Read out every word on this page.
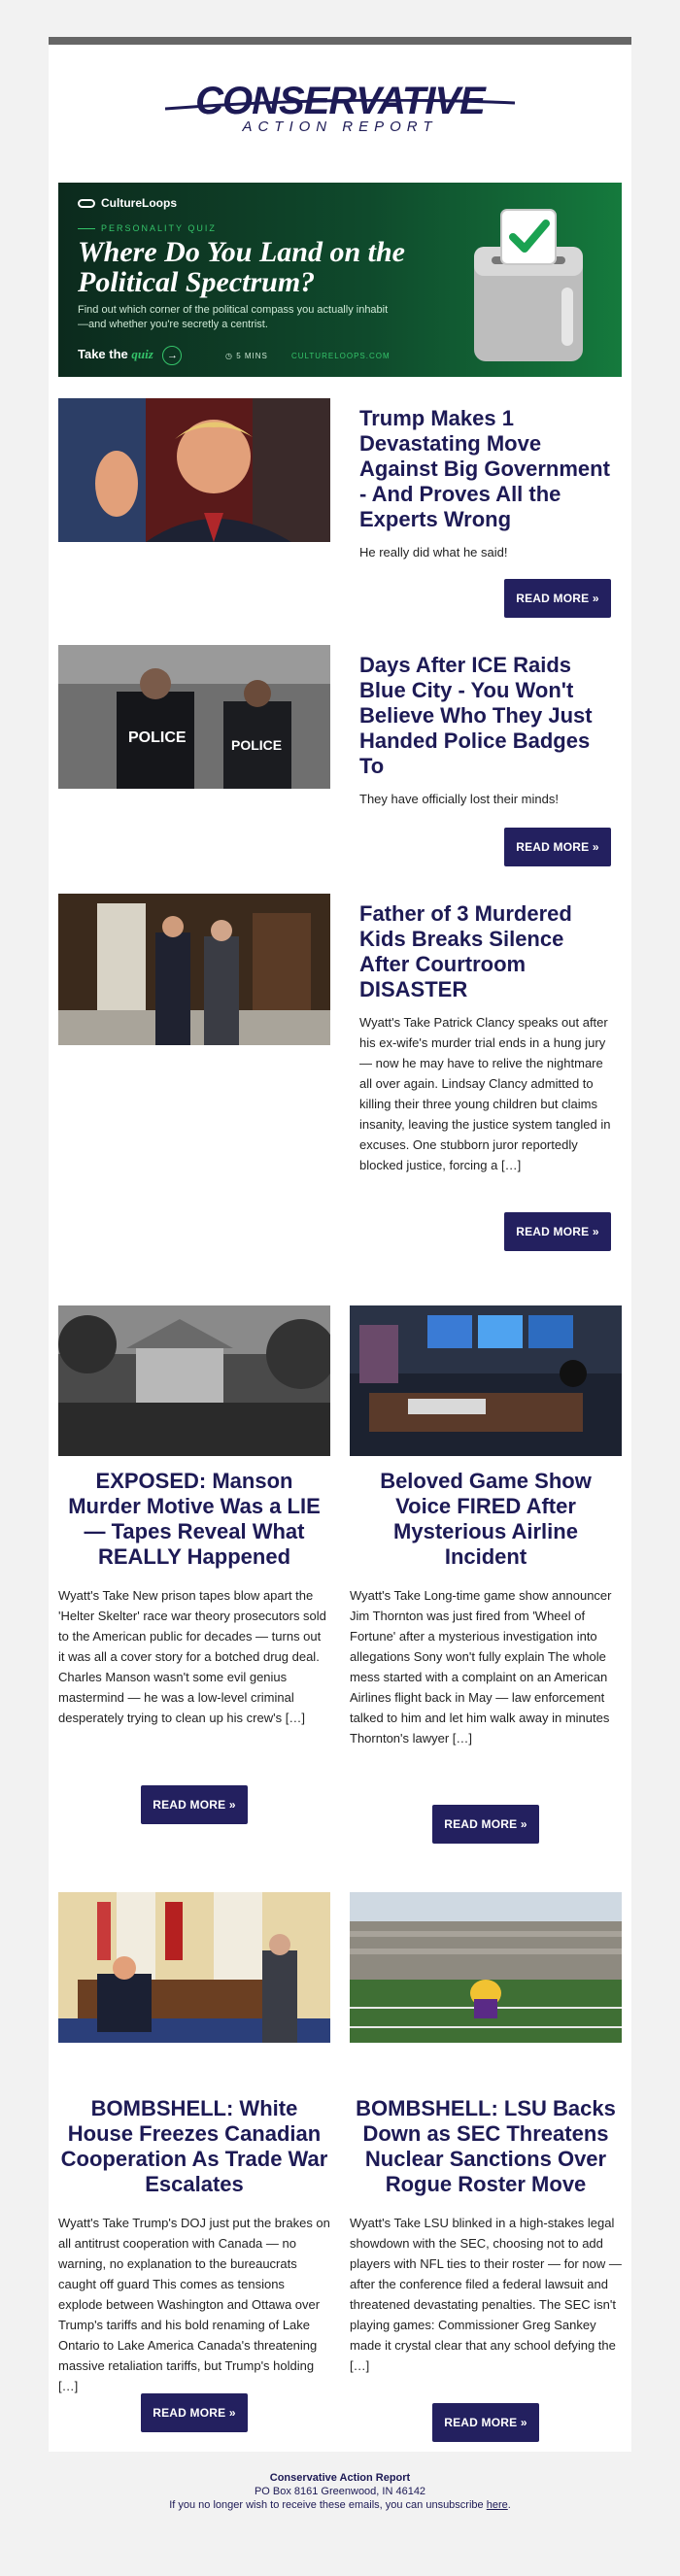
CONSERVATIVE
ACTION REPORT
CultureLoops
PERSONALITY QUIZ
Where Do You Land on the Political Spectrum?
Find out which corner of the political compass you actually inhabit—and whether you're secretly a centrist.
Take the quiz →	◷ 5 MINS	CULTURELOOPS.COM
Trump Makes 1 Devastating Move Against Big Government - And Proves All the Experts Wrong
He really did what he said!
READ MORE »
POLICE	POLICE
Days After ICE Raids Blue City - You Won't Believe Who They Just Handed Police Badges To
They have officially lost their minds!
READ MORE »
Father of 3 Murdered Kids Breaks Silence After Courtroom DISASTER
Wyatt's Take Patrick Clancy speaks out after his ex-wife's murder trial ends in a hung jury — now he may have to relive the nightmare all over again. Lindsay Clancy admitted to killing their three young children but claims insanity, leaving the justice system tangled in excuses. One stubborn juror reportedly blocked justice, forcing a […]
READ MORE »
EXPOSED: Manson Murder Motive Was a LIE — Tapes Reveal What REALLY Happened
Wyatt's Take New prison tapes blow apart the 'Helter Skelter' race war theory prosecutors sold to the American public for decades — turns out it was all a cover story for a botched drug deal. Charles Manson wasn't some evil genius mastermind — he was a low-level criminal desperately trying to clean up his crew's […]
READ MORE »
Beloved Game Show Voice FIRED After Mysterious Airline Incident
Wyatt's Take Long-time game show announcer Jim Thornton was just fired from 'Wheel of Fortune' after a mysterious investigation into allegations Sony won't fully explain The whole mess started with a complaint on an American Airlines flight back in May — law enforcement talked to him and let him walk away in minutes Thornton's lawyer […]
READ MORE »
BOMBSHELL: White House Freezes Canadian Cooperation As Trade War Escalates
Wyatt's Take Trump's DOJ just put the brakes on all antitrust cooperation with Canada — no warning, no explanation to the bureaucrats caught off guard This comes as tensions explode between Washington and Ottawa over Trump's tariffs and his bold renaming of Lake Ontario to Lake America Canada's threatening massive retaliation tariffs, but Trump's holding […]
READ MORE »
BOMBSHELL: LSU Backs Down as SEC Threatens Nuclear Sanctions Over Rogue Roster Move
Wyatt's Take LSU blinked in a high-stakes legal showdown with the SEC, choosing not to add players with NFL ties to their roster — for now — after the conference filed a federal lawsuit and threatened devastating penalties. The SEC isn't playing games: Commissioner Greg Sankey made it crystal clear that any school defying the […]
READ MORE »
Conservative Action Report
PO Box 8161 Greenwood, IN 46142
If you no longer wish to receive these emails, you can unsubscribe here.
